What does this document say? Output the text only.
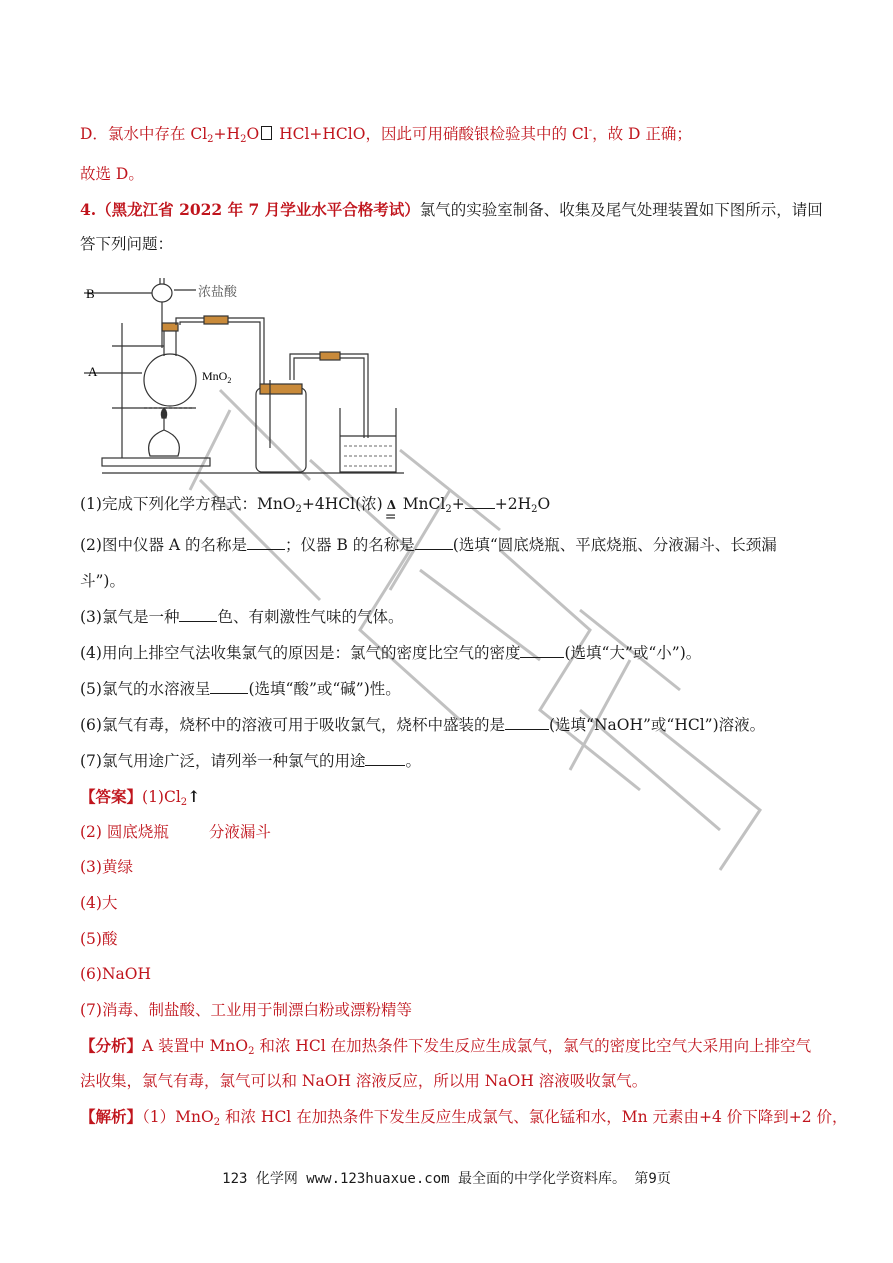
D．氯水中存在 $Cl_2+H_2O$ HCl+HClO，因此可用硝酸银检验其中的 Cl-，故 D 正确；
故选 D。
4.（黑龙江省 2022 年 7 月学业水平合格考试）氯气的实验室制备、收集及尾气处理装置如下图所示，请回
答下列问题：
B
A
浓盐酸
MnO$_2$
(1)完成下列化学方程式：MnO$_2$+4HCl(浓) Δ
=
MnCl$_2$+ $+2H_2O$
(2)图中仪器 A 的名称是 ；仪器 B 的名称是 (选填“圆底烧瓶、平底烧瓶、分液漏斗、长颈漏
斗”)。
(3)氯气是一种 色、有刺激性气味的气体。
(4)用向上排空气法收集氯气的原因是：氯气的密度比空气的密度	(选填“大”或“小”)。
(5)氯气的水溶液呈 (选填“酸”或“碱”)性。
(6)氯气有毒，烧杯中的溶液可用于吸收氯气，烧杯中盛装的是	(选填“NaOH”或“HCl”)溶液。
(7)氯气用途广泛，请列举一种氯气的用途	。
【答案】$(1)Cl_2↑$
(2) 圆底烧瓶	分液漏斗
(3)黄绿
(4)大
(5)酸
(6)NaOH
(7)消毒、制盐酸、工业用于制漂白粉或漂粉精等
【分析】A 装置中 MnO$_2$ 和浓 HCl 在加热条件下发生反应生成氯气，氯气的密度比空气大采用向上排空气
法收集，氯气有毒，氯气可以和 NaOH 溶液反应，所以用 NaOH 溶液吸收氯气。
【解析】（1）MnO$_2$ 和浓 HCl 在加热条件下发生反应生成氯气、氯化锰和水，Mn 元素由+4 价下降到+2 价，
123 化学网 www.123huaxue.com 最全面的中学化学资料库。 第9页
